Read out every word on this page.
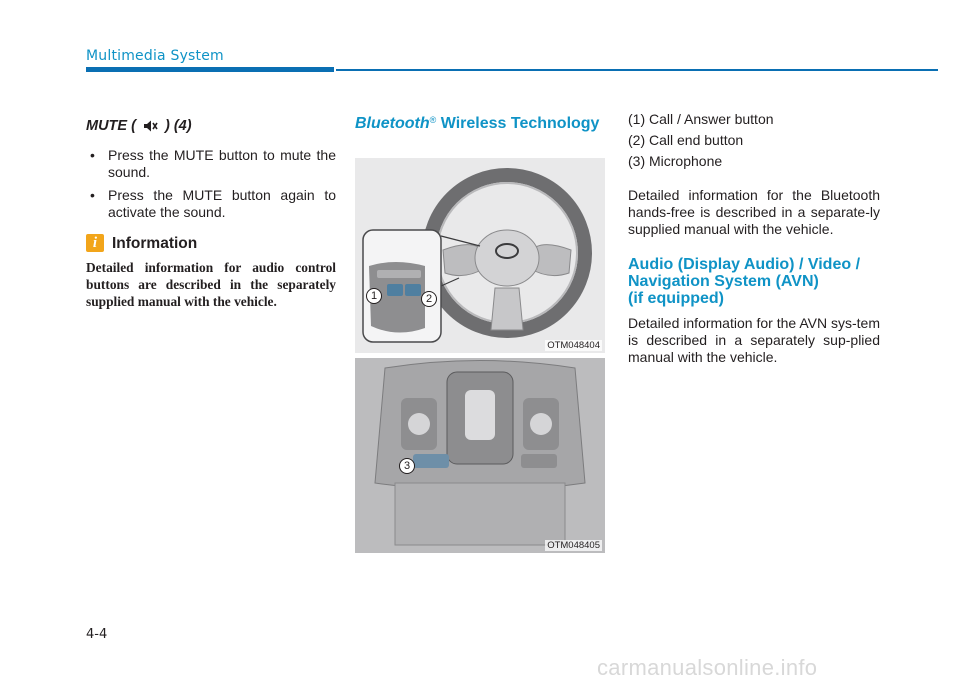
Multimedia System
MUTE (  ) (4)
• Press the MUTE button to mute the sound.
• Press the MUTE button again to activate the sound.
i Information
Detailed information for audio control buttons are described in the separately supplied manual with the vehicle.
Bluetooth® Wireless Technology
1	2
OTM048404
3
OTM048405
(1) Call / Answer button
(2) Call end button
(3) Microphone

Detailed information for the Bluetooth hands-free is described in a separate-ly supplied manual with the vehicle.

Audio (Display Audio) / Video /
Navigation System (AVN)
(if equipped)

Detailed information for the AVN sys-tem is described in a separately sup-plied manual with the vehicle.

4-4
carmanualsonline.info
